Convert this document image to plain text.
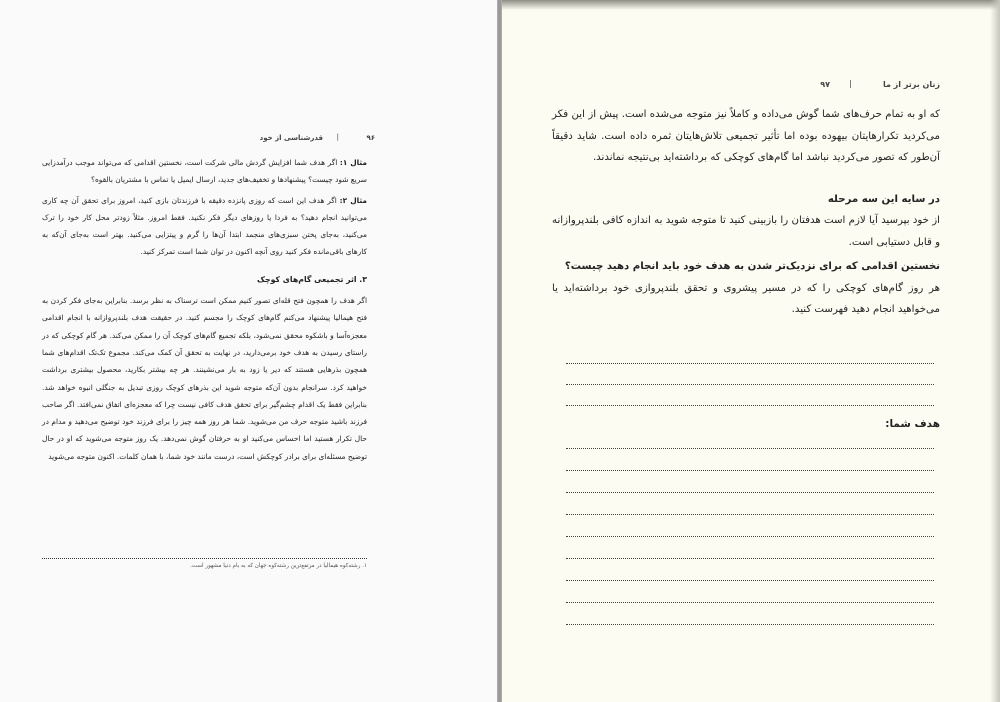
۹۶
|
قدرشناسی از خود

مثال ۱: اگر هدف شما افزایش گردش مالی شرکت است، نخستین اقدامی که می‌تواند موجب درآمدزایی سریع شود چیست؟ پیشنهادها و تخفیف‌های جدید، ارسال ایمیل یا تماس با مشتریان بالقوه؟

مثال ۲: اگر هدف این است که روزی پانزده دقیقه با فرزندتان بازی کنید، امروز برای تحقق آن چه کاری می‌توانید انجام دهید؟ به فردا یا روزهای دیگر فکر نکنید. فقط امروز. مثلاً زودتر محل کار خود را ترک می‌کنید، به‌جای پختن سبزی‌های منجمد ابتدا آن‌ها را گرم و پیتزایی می‌کنید. بهتر است به‌جای آن‌که به کارهای باقی‌مانده فکر کنید روی آنچه اکنون در توان شما است تمرکز کنید.

۳. اثر تجمیعی گام‌های کوچک

اگر هدف را همچون فتح قله‌ای تصور کنیم ممکن است ترسناک به نظر برسد. بنابراین به‌جای فکر کردن به فتح هیمالیا پیشنهاد می‌کنم گام‌های کوچک را مجسم کنید. در حقیقت هدف بلندپروازانه با انجام اقدامی معجزه‌آسا و باشکوه محقق نمی‌شود، بلکه تجمیع گام‌های کوچک آن را ممکن می‌کند. هر گام کوچکی که در راستای رسیدن به هدف خود برمی‌دارید، در نهایت به تحقق آن کمک می‌کند. مجموع تک‌تک اقدام‌های شما همچون بذرهایی هستند که دیر یا زود به بار می‌نشینند. هر چه بیشتر بکارید، محصول بیشتری برداشت خواهید کرد. سرانجام بدون آن‌که متوجه شوید این بذرهای کوچک روزی تبدیل به جنگلی انبوه خواهد شد. بنابراین فقط یک اقدام چشم‌گیر برای تحقق هدف کافی نیست چرا که معجزه‌ای اتفاق نمی‌افتد. اگر صاحب فرزند باشید متوجه حرف من می‌شوید. شما هر روز همه چیز را برای فرزند خود توضیح می‌دهید و مدام در حال تکرار هستید اما احساس می‌کنید او به حرفتان گوش نمی‌دهد. یک روز متوجه می‌شوید که او در حال توضیح مسئله‌ای برای برادر کوچکش است، درست مانند خود شما، با همان کلمات. اکنون متوجه می‌شوید

۱. رشته‌کوه هیمالیا در مرتفع‌ترین رشته‌کوه جهان که به بام دنیا مشهور است.
زنان برتر از ما
|
۹۷

که او به تمام حرف‌های شما گوش می‌داده و کاملاً نیز متوجه می‌شده است. پیش از این فکر می‌کردید تکرارهایتان بیهوده بوده اما تأثیر تجمیعی تلاش‌هایتان ثمره داده است. شاید دقیقاً آن‌طور که تصور می‌کردید نباشد اما گام‌های کوچکی که برداشته‌اید بی‌نتیجه نماندند.

در سایه این سه مرحله

از خود بپرسید آیا لازم است هدفتان را بازبینی کنید تا متوجه شوید به اندازه کافی بلندپروازانه و قابل دستیابی است.

نخستین اقدامی که برای نزدیک‌تر شدن به هدف خود باید انجام دهید چیست؟

هر روز گام‌های کوچکی را که در مسیر پیشروی و تحقق بلندپروازی خود برداشته‌اید یا می‌خواهید انجام دهید فهرست کنید.

هدف شما:
